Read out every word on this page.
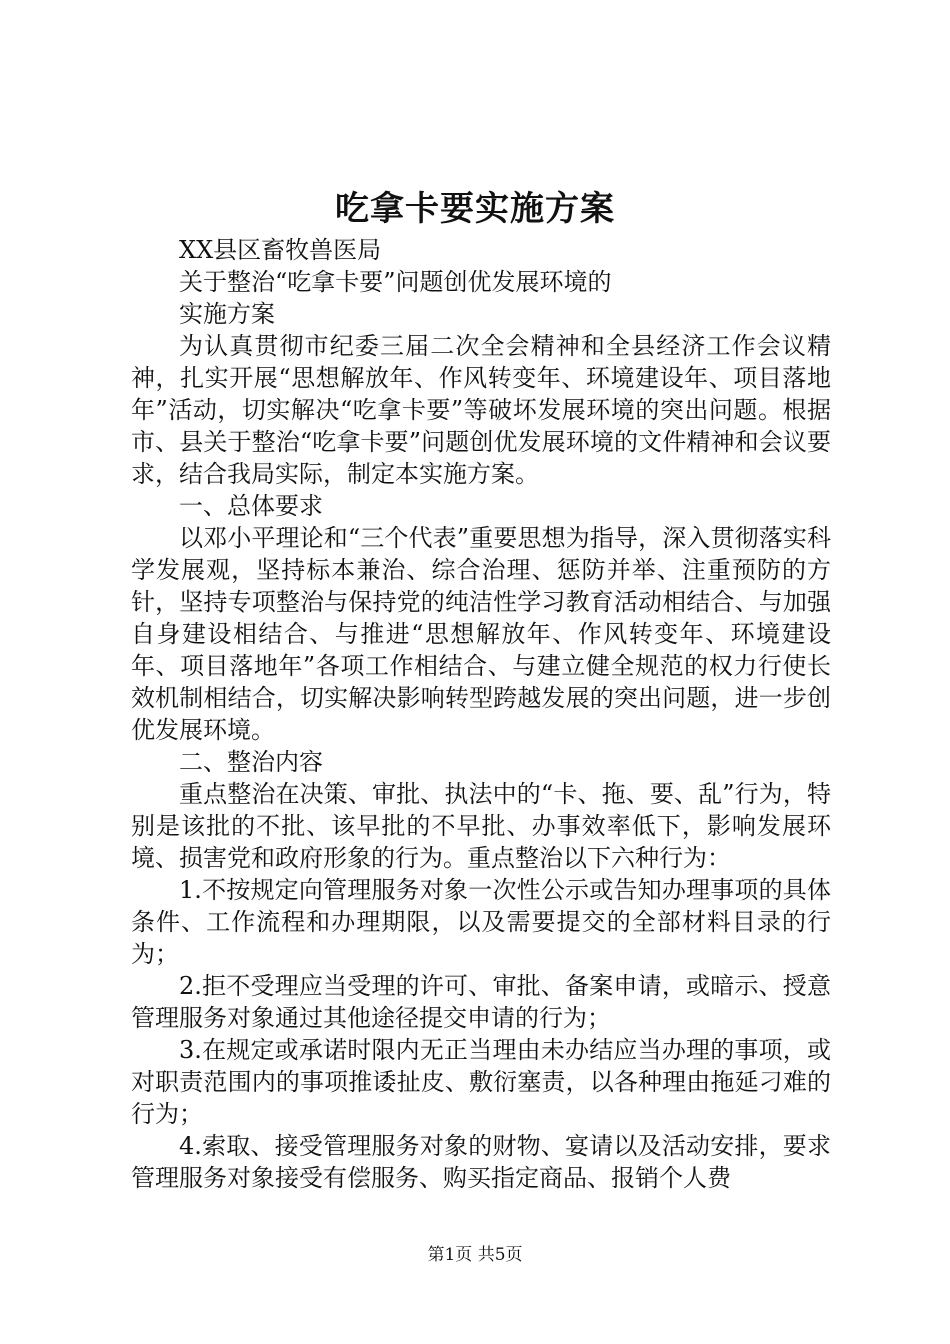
吃拿卡要实施方案
XX县区畜牧兽医局
关于整治“吃拿卡要”问题创优发展环境的
实施方案

为认真贯彻市纪委三届二次全会精神和全县经济工作会议精神，扎实开展“思想解放年、作风转变年、环境建设年、项目落地年”活动，切实解决“吃拿卡要”等破坏发展环境的突出问题。根据市、县关于整治“吃拿卡要”问题创优发展环境的文件精神和会议要求，结合我局实际，制定本实施方案。

一、总体要求

以邓小平理论和“三个代表”重要思想为指导，深入贯彻落实科学发展观，坚持标本兼治、综合治理、惩防并举、注重预防的方针，坚持专项整治与保持党的纯洁性学习教育活动相结合、与加强自身建设相结合、与推进“思想解放年、作风转变年、环境建设年、项目落地年”各项工作相结合、与建立健全规范的权力行使长效机制相结合，切实解决影响转型跨越发展的突出问题，进一步创优发展环境。

二、整治内容

重点整治在决策、审批、执法中的“卡、拖、要、乱”行为，特别是该批的不批、该早批的不早批、办事效率低下，影响发展环境、损害党和政府形象的行为。重点整治以下六种行为：

1.不按规定向管理服务对象一次性公示或告知办理事项的具体条件、工作流程和办理期限，以及需要提交的全部材料目录的行为；

2.拒不受理应当受理的许可、审批、备案申请，或暗示、授意管理服务对象通过其他途径提交申请的行为；

3.在规定或承诺时限内无正当理由未办结应当办理的事项，或对职责范围内的事项推诿扯皮、敷衍塞责，以各种理由拖延刁难的行为；

4.索取、接受管理服务对象的财物、宴请以及活动安排，要求管理服务对象接受有偿服务、购买指定商品、报销个人费

第1页 共5页
